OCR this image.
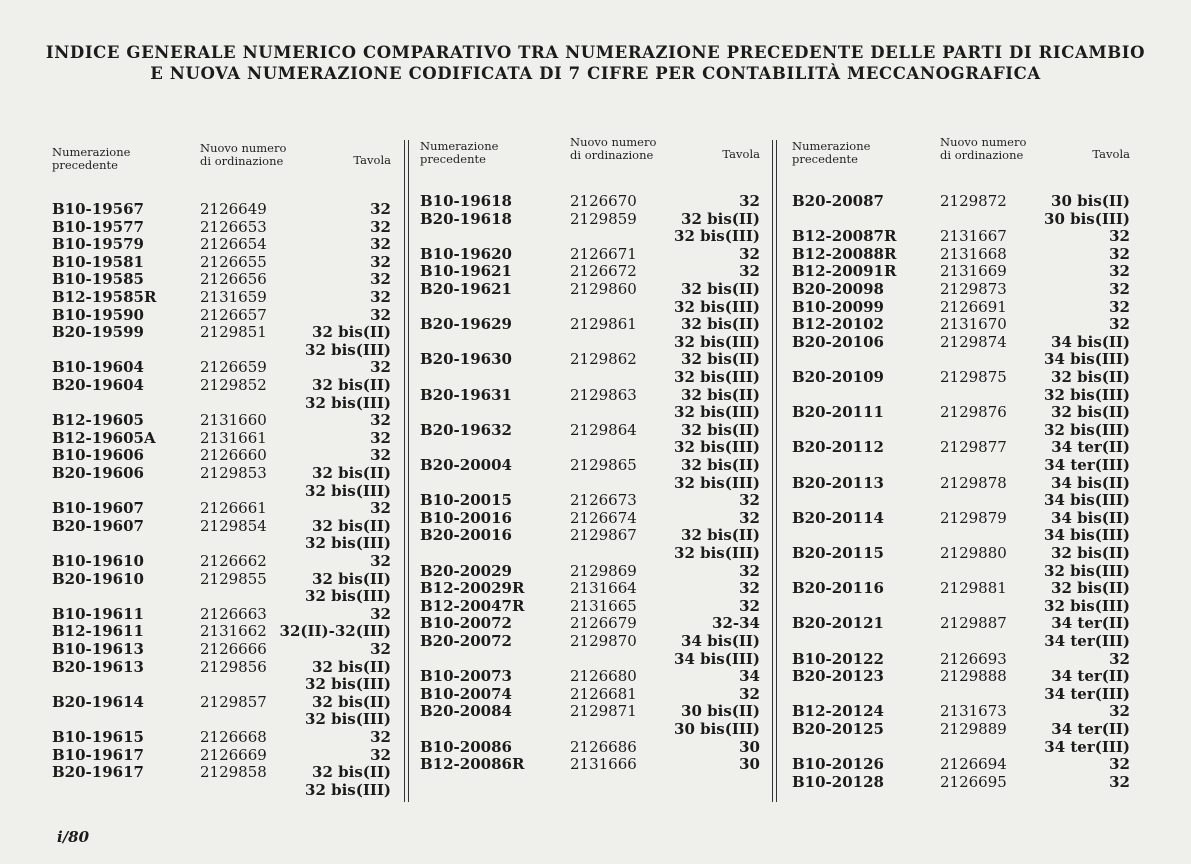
INDICE GENERALE NUMERICO COMPARATIVO TRA NUMERAZIONE PRECEDENTE DELLE PARTI DI RICAMBIO
E NUOVA NUMERAZIONE CODIFICATA DI 7 CIFRE PER CONTABILITÀ MECCANOGRAFICA
Numerazione
precedente
Nuovo numero
di ordinazione	Tavola
B10-19567	2126649	32
B10-19577	2126653	32
B10-19579	2126654	32
B10-19581	2126655	32
B10-19585	2126656	32
B12-19585R	2131659	32
B10-19590	2126657	32
B20-19599	2129851	32 bis(II)
32 bis(III)
B10-19604	2126659	32
B20-19604	2129852	32 bis(II)
32 bis(III)
B12-19605	2131660	32
B12-19605A	2131661	32
B10-19606	2126660	32
B20-19606	2129853	32 bis(II)
32 bis(III)
B10-19607	2126661	32
B20-19607	2129854	32 bis(II)
32 bis(III)
B10-19610	2126662	32
B20-19610	2129855	32 bis(II)
32 bis(III)
B10-19611	2126663	32
B12-19611	2131662 32(II)-32(III)
B10-19613	2126666	32
B20-19613	2129856	32 bis(II)
32 bis(III)
B20-19614	2129857	32 bis(II)
32 bis(III)
B10-19615	2126668	32
B10-19617	2126669	32
B20-19617	2129858	32 bis(II)
32 bis(III)
Numerazione
precedente
Nuovo numero
di ordinazione	Tavola
B10-19618	2126670	32
B20-19618	2129859	32 bis(II)
32 bis(III)
B10-19620	2126671	32
B10-19621	2126672	32
B20-19621	2129860	32 bis(II)
32 bis(III)
B20-19629	2129861	32 bis(II)
32 bis(III)
B20-19630	2129862	32 bis(II)
32 bis(III)
B20-19631	2129863	32 bis(II)
32 bis(III)
B20-19632	2129864	32 bis(II)
32 bis(III)
B20-20004	2129865	32 bis(II)
32 bis(III)
B10-20015	2126673	32
B10-20016	2126674	32
B20-20016	2129867	32 bis(II)
32 bis(III)
B20-20029	2129869	32
B12-20029R	2131664	32
B12-20047R	2131665	32
B10-20072	2126679	32-34
B20-20072	2129870	34 bis(II)
34 bis(III)
B10-20073	2126680	34
B10-20074	2126681	32
B20-20084	2129871	30 bis(II)
30 bis(III)
B10-20086	2126686	30
B12-20086R	2131666	30
Numerazione
precedente
Nuovo numero
di ordinazione	Tavola
B20-20087	2129872	30 bis(II)
30 bis(III)
B12-20087R	2131667	32
B12-20088R	2131668	32
B12-20091R	2131669	32
B20-20098	2129873	32
B10-20099	2126691	32
B12-20102	2131670	32
B20-20106	2129874	34 bis(II)
34 bis(III)
B20-20109	2129875	32 bis(II)
32 bis(III)
B20-20111	2129876	32 bis(II)
32 bis(III)
B20-20112	2129877	34 ter(II)
34 ter(III)
B20-20113	2129878	34 bis(II)
34 bis(III)
B20-20114	2129879	34 bis(II)
34 bis(III)
B20-20115	2129880	32 bis(II)
32 bis(III)
B20-20116	2129881	32 bis(II)
32 bis(III)
B20-20121	2129887	34 ter(II)
34 ter(III)
B10-20122	2126693	32
B20-20123	2129888	34 ter(II)
34 ter(III)
B12-20124	2131673	32
B20-20125	2129889	34 ter(II)
34 ter(III)
B10-20126	2126694	32
B10-20128	2126695	32
i/80
